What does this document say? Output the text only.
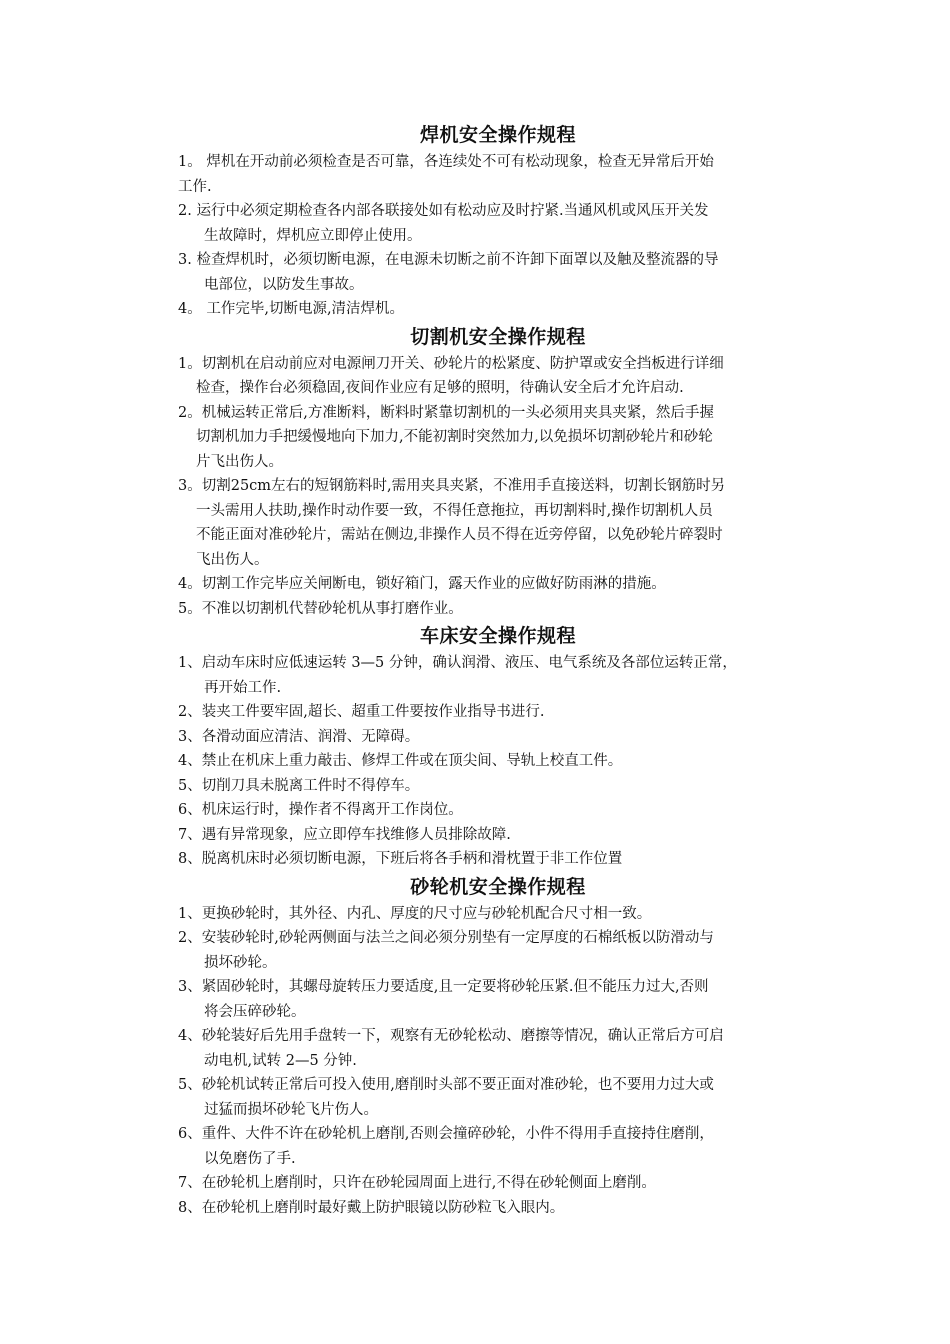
焊机安全操作规程
1。 焊机在开动前必须检查是否可靠，各连续处不可有松动现象，检查无异常后开始
工作.
2. 运行中必须定期检查各内部各联接处如有松动应及时拧紧.当通风机或风压开关发
生故障时，焊机应立即停止使用。
3. 检查焊机时，必须切断电源，在电源未切断之前不许卸下面罩以及触及整流器的导
电部位，以防发生事故。
4。 工作完毕,切断电源,清洁焊机。
切割机安全操作规程
1。切割机在启动前应对电源闸刀开关、砂轮片的松紧度、防护罩或安全挡板进行详细
检查，操作台必须稳固,夜间作业应有足够的照明，待确认安全后才允许启动.
2。机械运转正常后,方准断料，断料时紧靠切割机的一头必须用夹具夹紧，然后手握
切割机加力手把缓慢地向下加力,不能初割时突然加力,以免损坏切割砂轮片和砂轮
片飞出伤人。
3。切割25cm左右的短钢筋料时,需用夹具夹紧，不准用手直接送料，切割长钢筋时另
一头需用人扶助,操作时动作要一致，不得任意拖拉，再切割料时,操作切割机人员
不能正面对准砂轮片，需站在侧边,非操作人员不得在近旁停留，以免砂轮片碎裂时
飞出伤人。
4。切割工作完毕应关闸断电，锁好箱门，露天作业的应做好防雨淋的措施。
5。不准以切割机代替砂轮机从事打磨作业。
车床安全操作规程
1、启动车床时应低速运转 3—5 分钟，确认润滑、液压、电气系统及各部位运转正常，
再开始工作.
2、装夹工件要牢固,超长、超重工件要按作业指导书进行.
3、各滑动面应清洁、润滑、无障碍。
4、禁止在机床上重力敲击、修焊工件或在顶尖间、导轨上校直工件。
5、切削刀具未脱离工件时不得停车。
6、机床运行时，操作者不得离开工作岗位。
7、遇有异常现象，应立即停车找维修人员排除故障.
8、脱离机床时必须切断电源，下班后将各手柄和滑枕置于非工作位置
砂轮机安全操作规程
1、更换砂轮时，其外径、内孔、厚度的尺寸应与砂轮机配合尺寸相一致。
2、安装砂轮时,砂轮两侧面与法兰之间必须分别垫有一定厚度的石棉纸板以防滑动与
损坏砂轮。
3、紧固砂轮时，其螺母旋转压力要适度,且一定要将砂轮压紧.但不能压力过大,否则
将会压碎砂轮。
4、砂轮装好后先用手盘转一下，观察有无砂轮松动、磨擦等情况，确认正常后方可启
动电机,试转 2—5 分钟.
5、砂轮机试转正常后可投入使用,磨削时头部不要正面对准砂轮，也不要用力过大或
过猛而损坏砂轮飞片伤人。
6、重件、大件不许在砂轮机上磨削,否则会撞碎砂轮，小件不得用手直接持住磨削，
以免磨伤了手.
7、在砂轮机上磨削时，只许在砂轮园周面上进行,不得在砂轮侧面上磨削。
8、在砂轮机上磨削时最好戴上防护眼镜以防砂粒飞入眼内。
